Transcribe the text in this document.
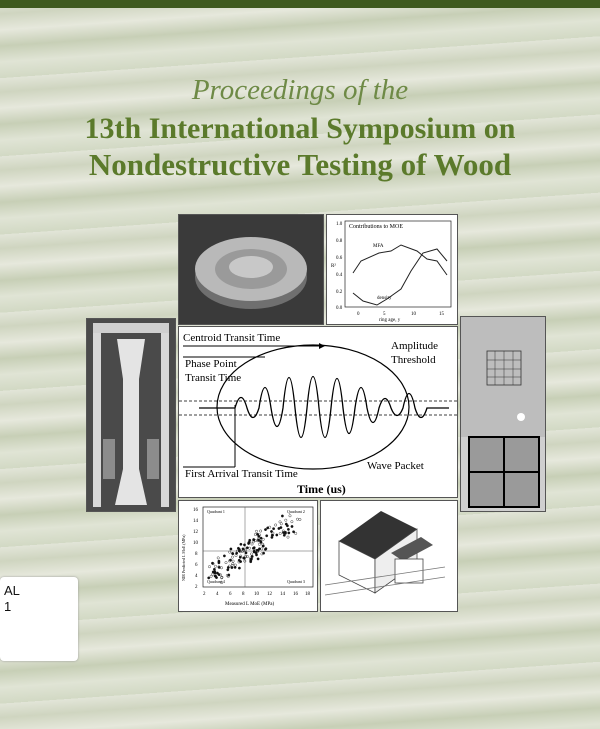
Proceedings of the
13th International Symposium on
Nondestructive Testing of Wood
Contributions to MOE
1.0
0.8
0.6
0.4
0.2
0.0
R²
0	5	10	15
ring age, y
MFA
density
Centroid Transit Time
Phase Point
Transit Time
Amplitude
Threshold
First Arrival Transit Time
Wave Packet
Time (us)
16
14
12
10
8
6
4
2
2 4 6 8 10 12 14 16 18
Measured L MoE (MPa)
NIR Predicted L MoE (MPa)
Quadrant 1	Quadrant 2
Quadrant 4	Quadrant 3
AL
1
